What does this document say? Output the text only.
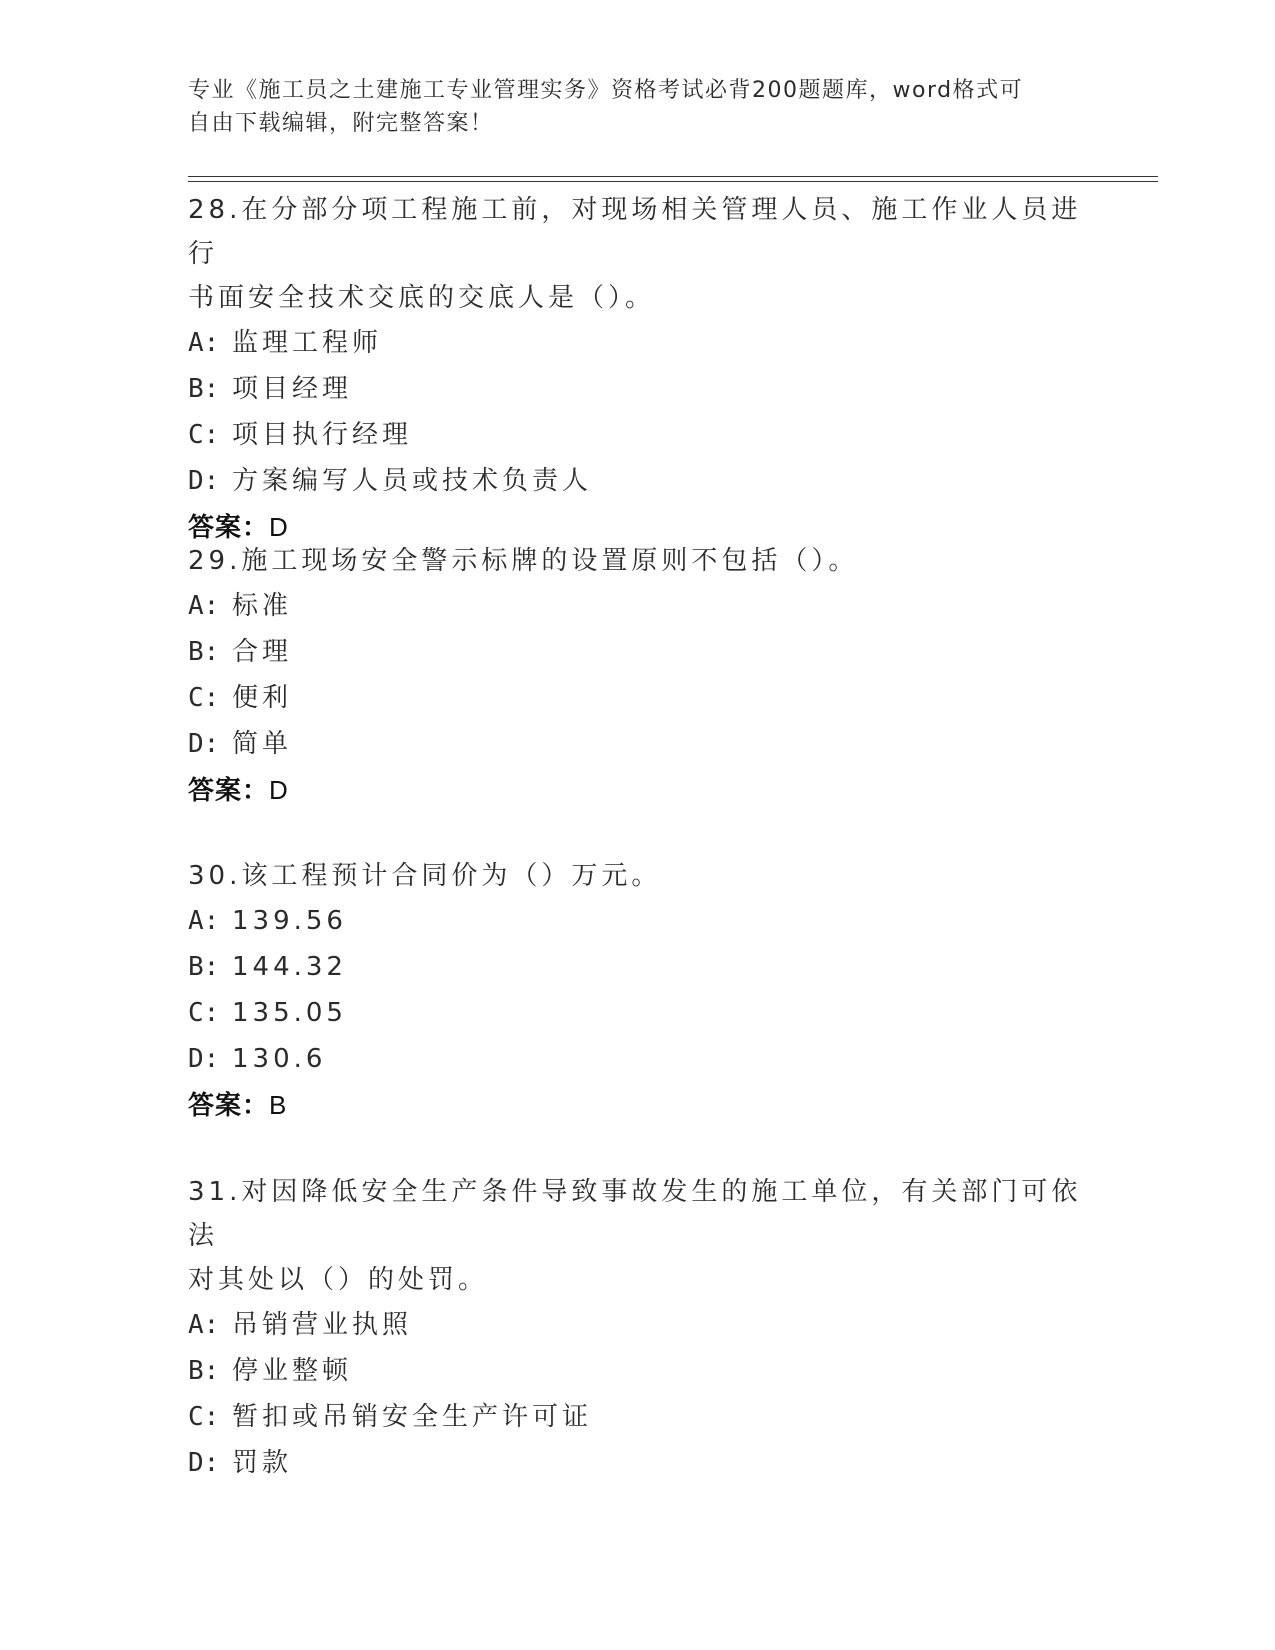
专业《施工员之土建施工专业管理实务》资格考试必背200题题库，word格式可
自由下载编辑，附完整答案！
28.在分部分项工程施工前，对现场相关管理人员、施工作业人员进行
书面安全技术交底的交底人是（）。
A: 监理工程师
B: 项目经理
C: 项目执行经理
D: 方案编写人员或技术负责人
答案：D
29.施工现场安全警示标牌的设置原则不包括（）。
A: 标准
B: 合理
C: 便利
D: 简单
答案：D
30.该工程预计合同价为（）万元。
A: 139.56
B: 144.32
C: 135.05
D: 130.6
答案：B
31.对因降低安全生产条件导致事故发生的施工单位，有关部门可依法
对其处以（）的处罚。
A: 吊销营业执照
B: 停业整顿
C: 暂扣或吊销安全生产许可证
D: 罚款
